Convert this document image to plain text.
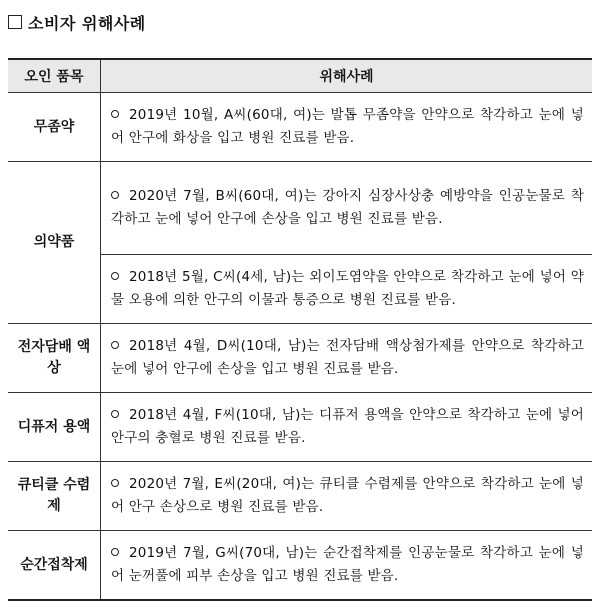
소비자 위해사례
오인 품목	위해사례
무좀약	2019년 10월, A씨(60대, 여)는 발톱 무좀약을 안약으로 착각하고 눈에 넣어 안구에 화상을 입고 병원 진료를 받음.
의약품	2020년 7월, B씨(60대, 여)는 강아지 심장사상충 예방약을 인공눈물로 착각하고 눈에 넣어 안구에 손상을 입고 병원 진료를 받음.
	2018년 5월, C씨(4세, 남)는 외이도염약을 안약으로 착각하고 눈에 넣어 약물 오용에 의한 안구의 이물과 통증으로 병원 진료를 받음.
전자담배 액상	2018년 4월, D씨(10대, 남)는 전자담배 액상첨가제를 안약으로 착각하고 눈에 넣어 안구에 손상을 입고 병원 진료를 받음.
디퓨저 용액	2018년 4월, F씨(10대, 남)는 디퓨저 용액을 안약으로 착각하고 눈에 넣어 안구의 충혈로 병원 진료를 받음.
큐티클 수렴제	2020년 7월, E씨(20대, 여)는 큐티클 수렴제를 안약으로 착각하고 눈에 넣어 안구 손상으로 병원 진료를 받음.
순간접착제	2019년 7월, G씨(70대, 남)는 순간접착제를 인공눈물로 착각하고 눈에 넣어 눈꺼풀에 피부 손상을 입고 병원 진료를 받음.
